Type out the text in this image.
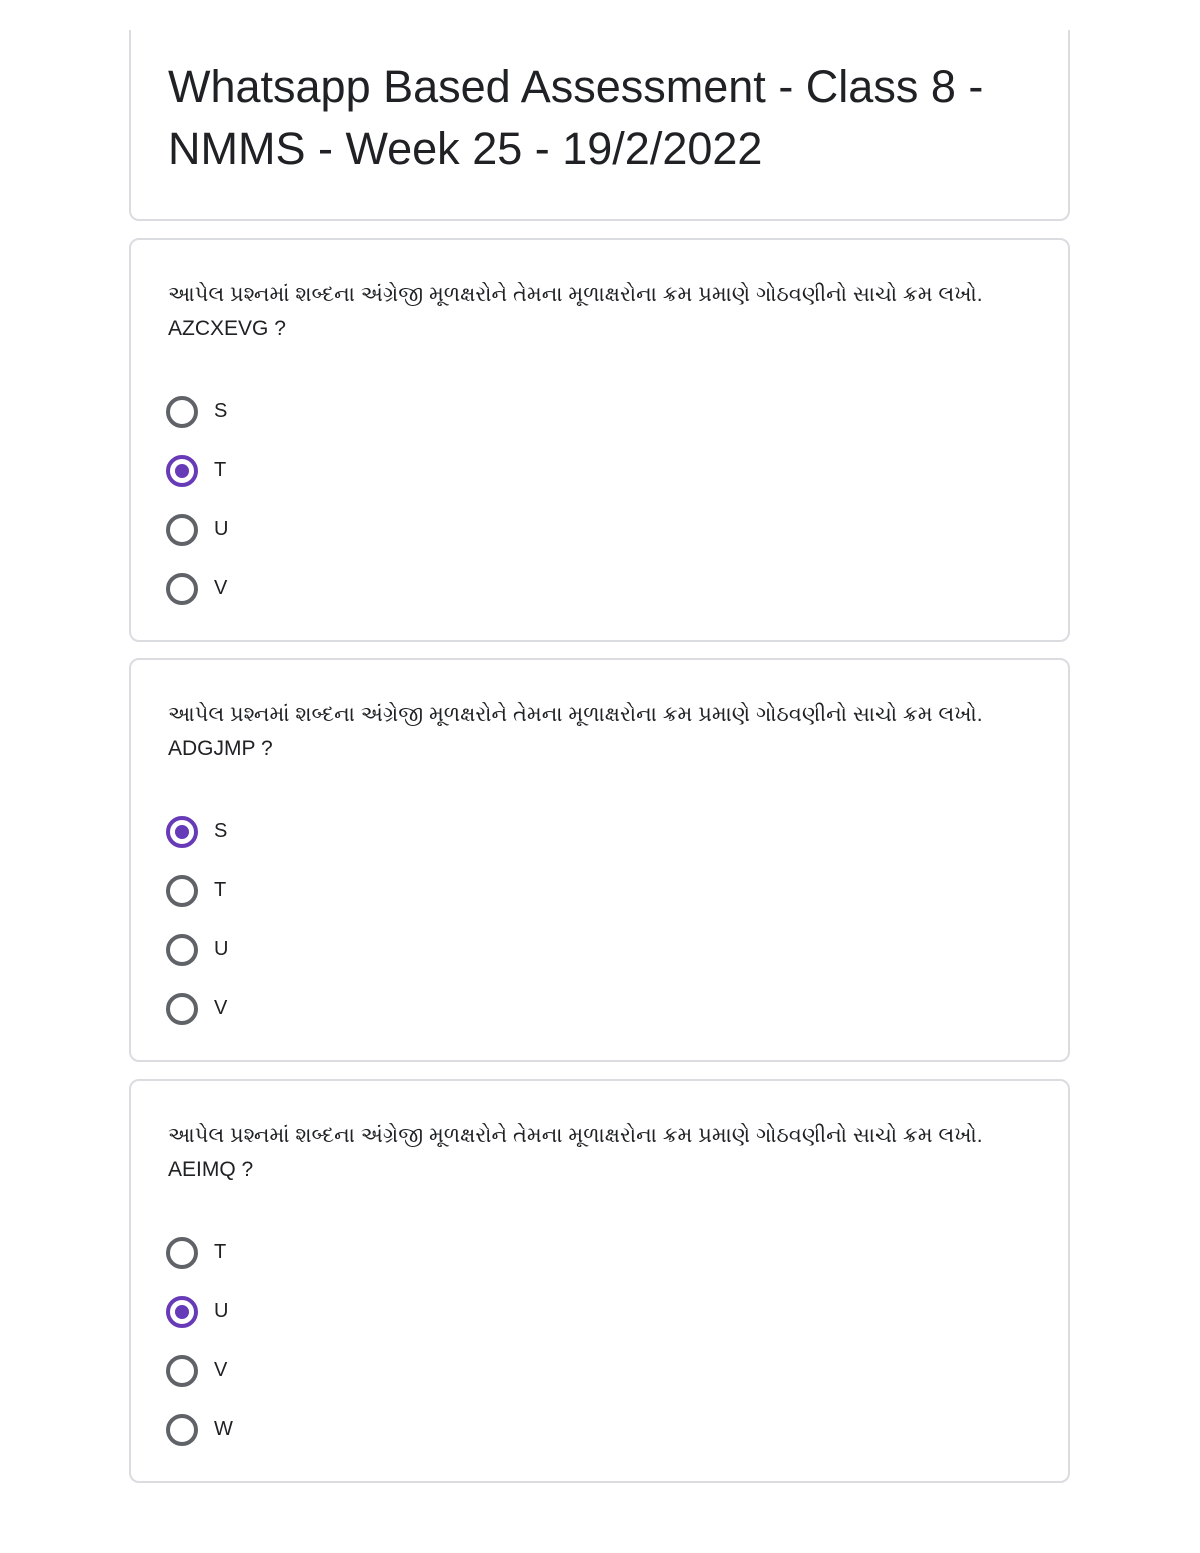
Whatsapp Based Assessment - Class 8 - NMMS - Week 25 - 19/2/2022

આપેલ પ્રશ્નમાં શબ્દના અંગ્રેજી મૂળક્ષરોને તેમના મૂળાક્ષરોના ક્રમ પ્રમાણે ગોઠવણીનો સાચો ક્રમ લખો. AZCXEVG ?

S
T
U
V

આપેલ પ્રશ્નમાં શબ્દના અંગ્રેજી મૂળક્ષરોને તેમના મૂળાક્ષરોના ક્રમ પ્રમાણે ગોઠવણીનો સાચો ક્રમ લખો. ADGJMP ?

S
T
U
V

આપેલ પ્રશ્નમાં શબ્દના અંગ્રેજી મૂળક્ષરોને તેમના મૂળાક્ષરોના ક્રમ પ્રમાણે ગોઠવણીનો સાચો ક્રમ લખો. AEIMQ ?

T
U
V
W
